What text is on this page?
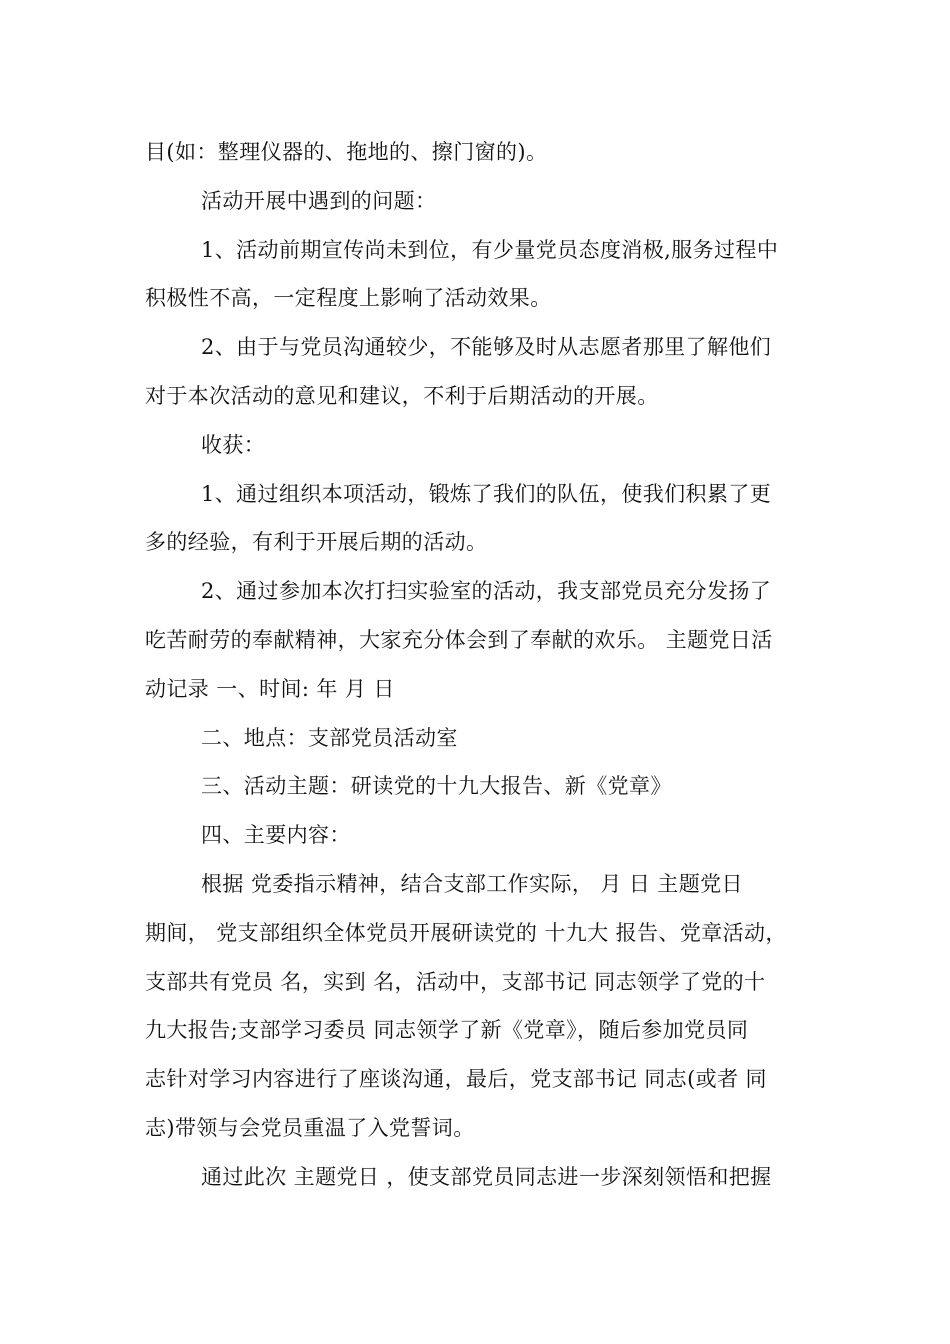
目(如：整理仪器的、拖地的、擦门窗的)。

活动开展中遇到的问题：

1、活动前期宣传尚未到位，有少量党员态度消极,服务过程中

积极性不高，一定程度上影响了活动效果。

2、由于与党员沟通较少，不能够及时从志愿者那里了解他们

对于本次活动的意见和建议，不利于后期活动的开展。

收获：

1、通过组织本项活动，锻炼了我们的队伍，使我们积累了更

多的经验，有利于开展后期的活动。

2、通过参加本次打扫实验室的活动，我支部党员充分发扬了

吃苦耐劳的奉献精神，大家充分体会到了奉献的欢乐。 主题党日活

动记录 一、时间: 年 月 日

二、地点：支部党员活动室

三、活动主题：研读党的十九大报告、新《党章》

四、主要内容：

根据 党委指示精神，结合支部工作实际， 月 日 主题党日

期间， 党支部组织全体党员开展研读党的 十九大 报告、党章活动，

支部共有党员 名，实到 名，活动中，支部书记 同志领学了党的十

九大报告;支部学习委员 同志领学了新《党章》，随后参加党员同

志针对学习内容进行了座谈沟通，最后，党支部书记 同志(或者 同

志)带领与会党员重温了入党誓词。

通过此次 主题党日 ，使支部党员同志进一步深刻领悟和把握
